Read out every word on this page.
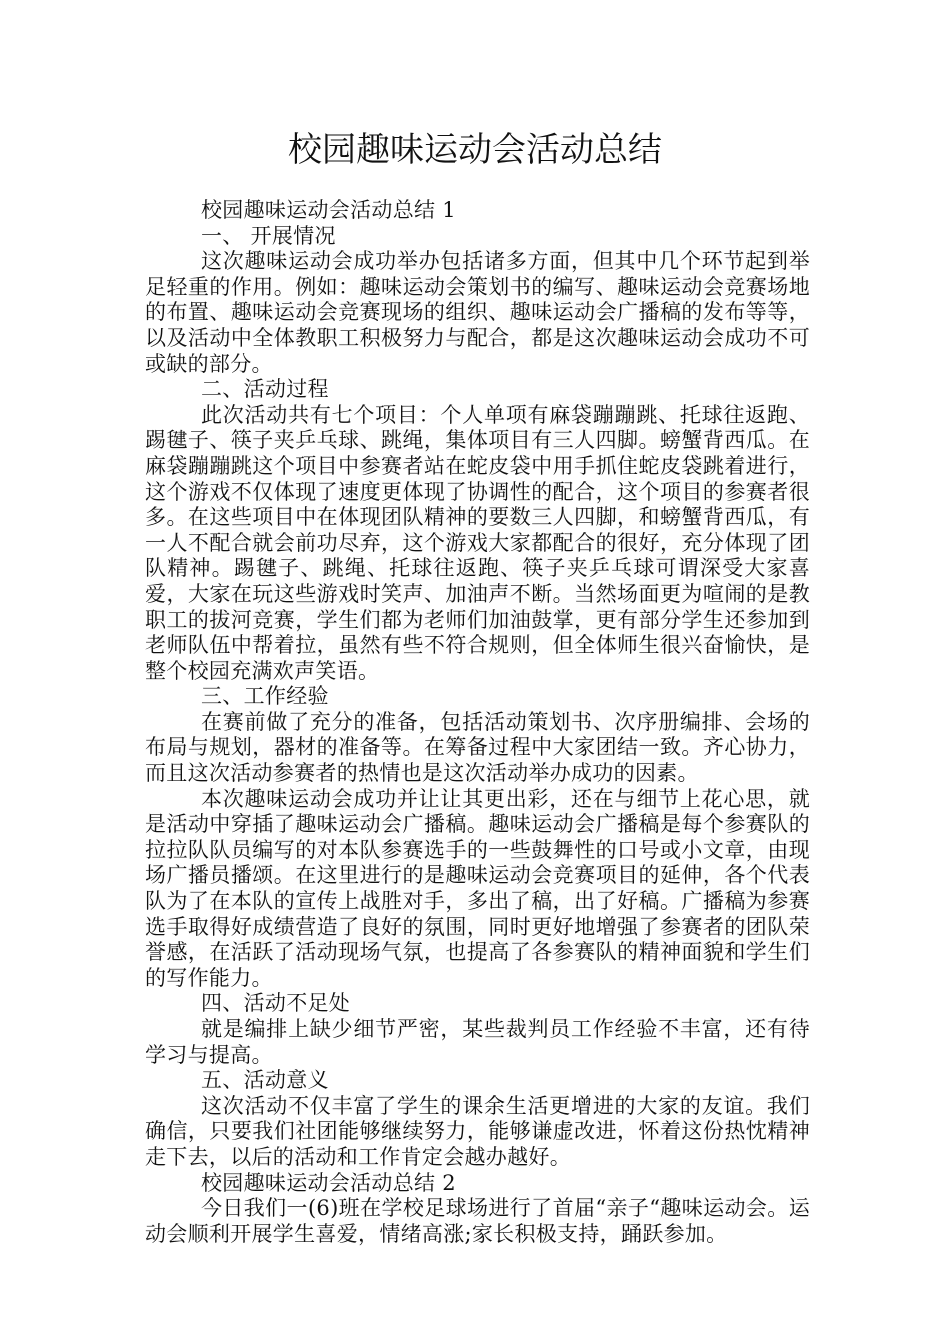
校园趣味运动会活动总结

校园趣味运动会活动总结 1

一、 开展情况

这次趣味运动会成功举办包括诸多方面，但其中几个环节起到举足轻重的作用。例如：趣味运动会策划书的编写、趣味运动会竞赛场地的布置、趣味运动会竞赛现场的组织、趣味运动会广播稿的发布等等，以及活动中全体教职工积极努力与配合，都是这次趣味运动会成功不可或缺的部分。

二、活动过程

此次活动共有七个项目：个人单项有麻袋蹦蹦跳、托球往返跑、踢毽子、筷子夹乒乓球、跳绳，集体项目有三人四脚。螃蟹背西瓜。在麻袋蹦蹦跳这个项目中参赛者站在蛇皮袋中用手抓住蛇皮袋跳着进行，这个游戏不仅体现了速度更体现了协调性的配合，这个项目的参赛者很多。在这些项目中在体现团队精神的要数三人四脚，和螃蟹背西瓜，有一人不配合就会前功尽弃，这个游戏大家都配合的很好，充分体现了团队精神。踢毽子、跳绳、托球往返跑、筷子夹乒乓球可谓深受大家喜爱，大家在玩这些游戏时笑声、加油声不断。当然场面更为喧闹的是教职工的拔河竞赛，学生们都为老师们加油鼓掌，更有部分学生还参加到老师队伍中帮着拉，虽然有些不符合规则，但全体师生很兴奋愉快，是整个校园充满欢声笑语。

三、工作经验

在赛前做了充分的准备，包括活动策划书、次序册编排、会场的布局与规划，器材的准备等。在筹备过程中大家团结一致。齐心协力，而且这次活动参赛者的热情也是这次活动举办成功的因素。

本次趣味运动会成功并让让其更出彩，还在与细节上花心思，就是活动中穿插了趣味运动会广播稿。趣味运动会广播稿是每个参赛队的拉拉队队员编写的对本队参赛选手的一些鼓舞性的口号或小文章，由现场广播员播颂。在这里进行的是趣味运动会竞赛项目的延伸，各个代表队为了在本队的宣传上战胜对手，多出了稿，出了好稿。广播稿为参赛选手取得好成绩营造了良好的氛围，同时更好地增强了参赛者的团队荣誉感，在活跃了活动现场气氛，也提高了各参赛队的精神面貌和学生们的写作能力。

四、活动不足处

就是编排上缺少细节严密，某些裁判员工作经验不丰富，还有待学习与提高。

五、活动意义

这次活动不仅丰富了学生的课余生活更增进的大家的友谊。我们确信，只要我们社团能够继续努力，能够谦虚改进，怀着这份热忱精神走下去，以后的活动和工作肯定会越办越好。

校园趣味运动会活动总结 2

今日我们一(6)班在学校足球场进行了首届“亲子“趣味运动会。运动会顺利开展学生喜爱，情绪高涨;家长积极支持，踊跃参加。
